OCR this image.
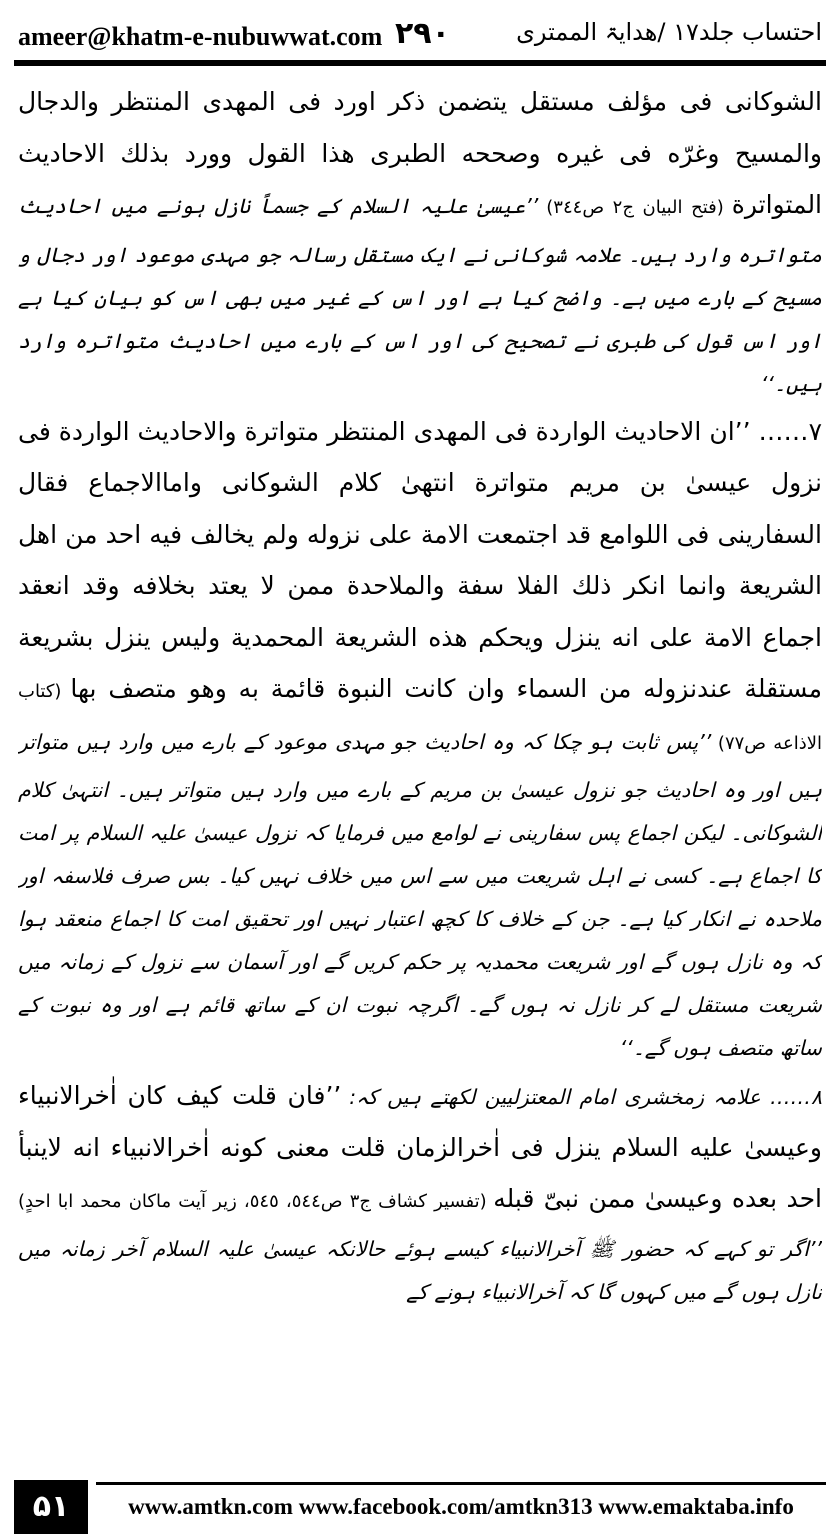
ameer@khatm-e-nubuwwat.com ۲۹۰	احتساب جلد۱۷ /ھدایۃ الممتری

الشوکانی فی مؤلف مستقل یتضمن ذکر اورد فی المهدی المنتظر والدجال والمسیح وغرّه فی غیره وصححه الطبری هذا القول وورد بذلك الاحادیث المتواترة (فتح البیان ج۲ ص۳٤٤) ’’عیسیٰ علیہ السلام کے جسماً نازل ہونے میں احادیث متواترہ وارد ہیں۔ علامہ شوکانی نے ایک مستقل رسالہ جو مہدی موعود اور دجال و مسیح کے بارے میں ہے۔ واضح کیا ہے اور اس کے غیر میں بھی اس کو بیان کیا ہے اور اس قول کی طبری نے تصحیح کی اور اس کے بارے میں احادیث متواترہ وارد ہیں۔‘‘

۷…… ’’ان الاحادیث الواردة فی المهدی المنتظر متواترة والاحادیث الواردة فی نزول عیسیٰ بن مریم متواترة انتهیٰ کلام الشوکانی واماالاجماع فقال السفارینی فی اللوامع قد اجتمعت الامة علی نزوله ولم یخالف فیه احد من اهل الشریعة وانما انکر ذلك الفلا سفة والملاحدة ممن لا یعتد بخلافه وقد انعقد اجماع الامة علی انه ینزل ویحکم هذه الشریعة المحمدیة ولیس ینزل بشریعة مستقلة عندنزوله من السماء وان کانت النبوة قائمة به وهو متصف بها (کتاب الاذاعه ص۷۷) ’’پس ثابت ہو چکا کہ وہ احادیث جو مہدی موعود کے بارے میں وارد ہیں متواتر ہیں اور وہ احادیث جو نزول عیسیٰ بن مریم کے بارے میں وارد ہیں متواتر ہیں۔ انتہیٰ کلام الشوکانی۔ لیکن اجماع پس سفارینی نے لوامع میں فرمایا کہ نزول عیسیٰ علیہ السلام پر امت کا اجماع ہے۔ کسی نے اہل شریعت میں سے اس میں خلاف نہیں کیا۔ بس صرف فلاسفہ اور ملاحدہ نے انکار کیا ہے۔ جن کے خلاف کا کچھ اعتبار نہیں اور تحقیق امت کا اجماع منعقد ہوا کہ وہ نازل ہوں گے اور شریعت محمدیہ پر حکم کریں گے اور آسمان سے نزول کے زمانہ میں شریعت مستقل لے کر نازل نہ ہوں گے۔ اگرچہ نبوت ان کے ساتھ قائم ہے اور وہ نبوت کے ساتھ متصف ہوں گے۔‘‘

۸…… علامہ زمخشری امام المعتزلیین لکھتے ہیں کہ: ’’فان قلت کیف کان اٰخرالانبیاء وعیسیٰ علیه السلام ینزل فی اٰخرالزمان قلت معنی کونه اٰخرالانبیاء انه لاینبأ احد بعده وعیسیٰ ممن نبیّ قبله (تفسیر کشاف ج۳ ص٥٤٤، ٥٤٥، زیر آیت ماکان محمد ابا احدٍ) ’’اگر تو کہے کہ حضور ﷺ آخرالانبیاء کیسے ہوئے حالانکہ عیسیٰ علیہ السلام آخر زمانہ میں نازل ہوں گے میں کہوں گا کہ آخرالانبیاء ہونے کے

۵۱	www.amtkn.com www.facebook.com/amtkn313 www.emaktaba.info
